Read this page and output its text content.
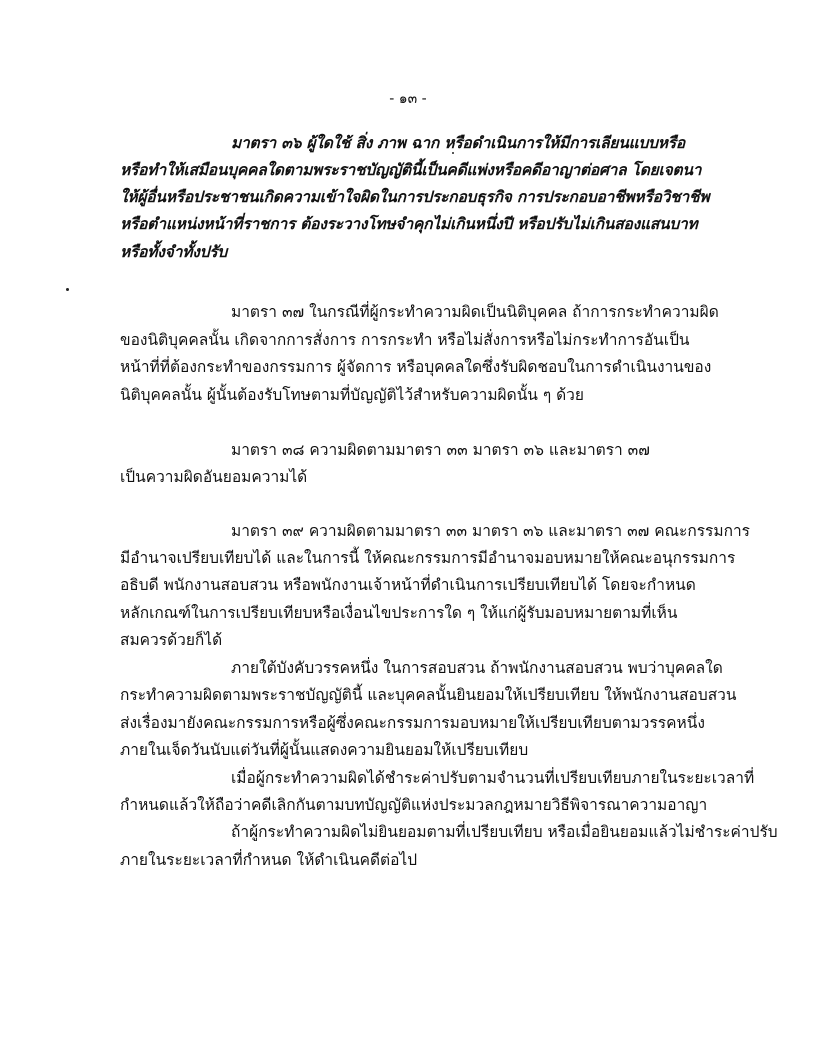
- ๑๓ -
มาตรา ๓๖ ผู้ใดใช้ สิ่ง ภาพ ฉาก หรือดำเนินการให้มีการเลียนแบบหรือ
หรือทำให้เสมือนบุคคลใดตามพระราชบัญญัตินี้เป็นคดีแพ่งหรือคดีอาญาต่อศาล โดยเจตนา
ให้ผู้อื่นหรือประชาชนเกิดความเข้าใจผิดในการประกอบธุรกิจ การประกอบอาชีพหรือวิชาชีพ
หรือตำแหน่งหน้าที่ราชการ ต้องระวางโทษจำคุกไม่เกินหนึ่งปี หรือปรับไม่เกินสองแสนบาท
หรือทั้งจำทั้งปรับ
มาตรา ๓๗ ในกรณีที่ผู้กระทำความผิดเป็นนิติบุคคล ถ้าการกระทำความผิด
ของนิติบุคคลนั้น เกิดจากการสั่งการ การกระทำ หรือไม่สั่งการหรือไม่กระทำการอันเป็น
หน้าที่ที่ต้องกระทำของกรรมการ ผู้จัดการ หรือบุคคลใดซึ่งรับผิดชอบในการดำเนินงานของ
นิติบุคคลนั้น ผู้นั้นต้องรับโทษตามที่บัญญัติไว้สำหรับความผิดนั้น ๆ ด้วย
มาตรา ๓๘ ความผิดตามมาตรา ๓๓ มาตรา ๓๖ และมาตรา ๓๗
เป็นความผิดอันยอมความได้
มาตรา ๓๙ ความผิดตามมาตรา ๓๓ มาตรา ๓๖ และมาตรา ๓๗ คณะกรรมการ
มีอำนาจเปรียบเทียบได้ และในการนี้ ให้คณะกรรมการมีอำนาจมอบหมายให้คณะอนุกรรมการ
อธิบดี พนักงานสอบสวน หรือพนักงานเจ้าหน้าที่ดำเนินการเปรียบเทียบได้ โดยจะกำหนด
หลักเกณฑ์ในการเปรียบเทียบหรือเงื่อนไขประการใด ๆ ให้แก่ผู้รับมอบหมายตามที่เห็น
สมควรด้วยก็ได้
ภายใต้บังคับวรรคหนึ่ง ในการสอบสวน ถ้าพนักงานสอบสวน พบว่าบุคคลใด
กระทำความผิดตามพระราชบัญญัตินี้ และบุคคลนั้นยินยอมให้เปรียบเทียบ ให้พนักงานสอบสวน
ส่งเรื่องมายังคณะกรรมการหรือผู้ซึ่งคณะกรรมการมอบหมายให้เปรียบเทียบตามวรรคหนึ่ง
ภายในเจ็ดวันนับแต่วันที่ผู้นั้นแสดงความยินยอมให้เปรียบเทียบ
เมื่อผู้กระทำความผิดได้ชำระค่าปรับตามจำนวนที่เปรียบเทียบภายในระยะเวลาที่
กำหนดแล้วให้ถือว่าคดีเลิกกันตามบทบัญญัติแห่งประมวลกฎหมายวิธีพิจารณาความอาญา
ถ้าผู้กระทำความผิดไม่ยินยอมตามที่เปรียบเทียบ หรือเมื่อยินยอมแล้วไม่ชำระค่าปรับ
ภายในระยะเวลาที่กำหนด ให้ดำเนินคดีต่อไป
